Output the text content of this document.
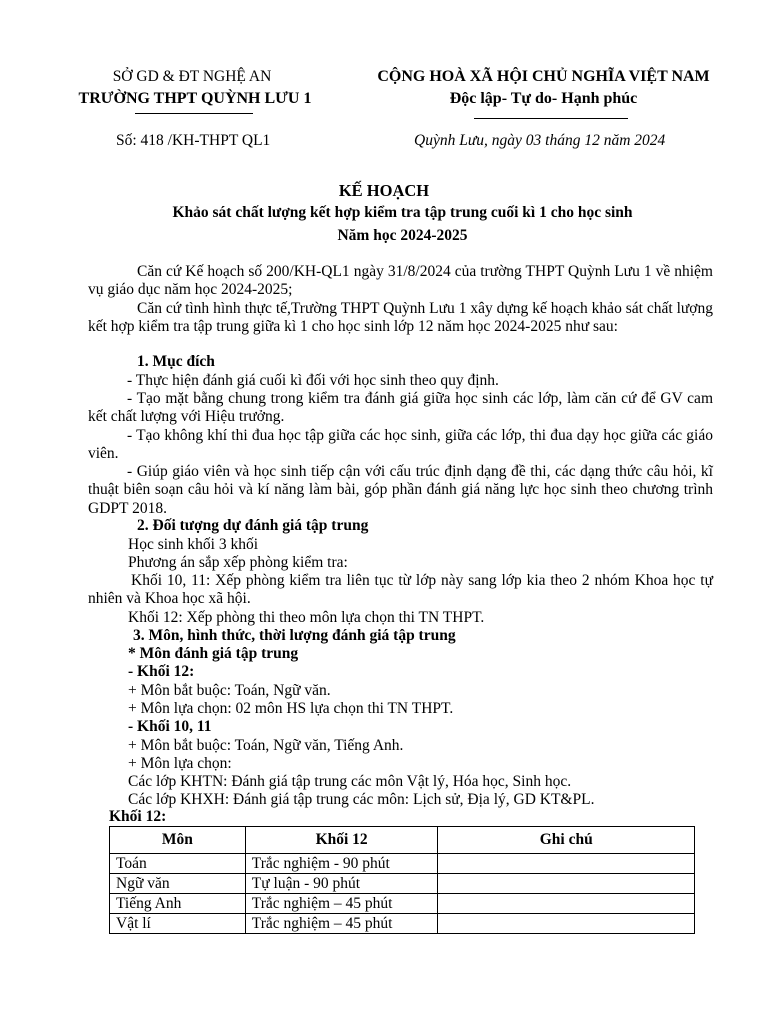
SỞ GD & ĐT NGHỆ AN
TRƯỜNG THPT QUỲNH LƯU 1
CỘNG HOÀ XÃ HỘI CHỦ NGHĨA VIỆT NAM
Độc lập- Tự do- Hạnh phúc
Số: 418 /KH-THPT QL1	Quỳnh Lưu, ngày 03 tháng 12 năm 2024
KẾ HOẠCH
Khảo sát chất lượng kết hợp kiểm tra tập trung cuối kì 1 cho học sinh
Năm học 2024-2025
Căn cứ Kế hoạch số 200/KH-QL1 ngày 31/8/2024 của trường THPT Quỳnh Lưu 1 về nhiệm vụ giáo dục năm học 2024-2025;
Căn cứ tình hình thực tế,Trường THPT Quỳnh Lưu 1 xây dựng kế hoạch khảo sát chất lượng kết hợp kiểm tra tập trung giữa kì 1 cho học sinh lớp 12 năm học 2024-2025 như sau:
1. Mục đích
- Thực hiện đánh giá cuối kì đối với học sinh theo quy định.
- Tạo mặt bằng chung trong kiểm tra đánh giá giữa học sinh các lớp, làm căn cứ để GV cam kết chất lượng với Hiệu trưởng.
- Tạo không khí thi đua học tập giữa các học sinh, giữa các lớp, thi đua dạy học giữa các giáo viên.
- Giúp giáo viên và học sinh tiếp cận với cấu trúc định dạng đề thi, các dạng thức câu hỏi, kĩ thuật biên soạn câu hỏi và kí năng làm bài, góp phần đánh giá năng lực học sinh theo chương trình GDPT 2018.
2. Đối tượng dự đánh giá tập trung
Học sinh khối 3 khối
Phương án sắp xếp phòng kiểm tra:
Khối 10, 11: Xếp phòng kiểm tra liên tục từ lớp này sang lớp kia theo 2 nhóm Khoa học tự nhiên và Khoa học xã hội.
Khối 12: Xếp phòng thi theo môn lựa chọn thi TN THPT.
3. Môn, hình thức, thời lượng đánh giá tập trung
* Môn đánh giá tập trung
- Khối 12:
+ Môn bắt buộc: Toán, Ngữ văn.
+ Môn lựa chọn: 02 môn HS lựa chọn thi TN THPT.
- Khối 10, 11
+ Môn bắt buộc: Toán, Ngữ văn, Tiếng Anh.
+ Môn lựa chọn:
Các lớp KHTN: Đánh giá tập trung các môn Vật lý, Hóa học, Sinh học.
Các lớp KHXH: Đánh giá tập trung các môn: Lịch sử, Địa lý, GD KT&PL.
Khối 12:
Môn	Khối 12	Ghi chú
Toán	Trắc nghiệm - 90 phút	
Ngữ văn	Tự luận - 90 phút	
Tiếng Anh	Trắc nghiệm – 45 phút	
Vật lí	Trắc nghiệm – 45 phút	
